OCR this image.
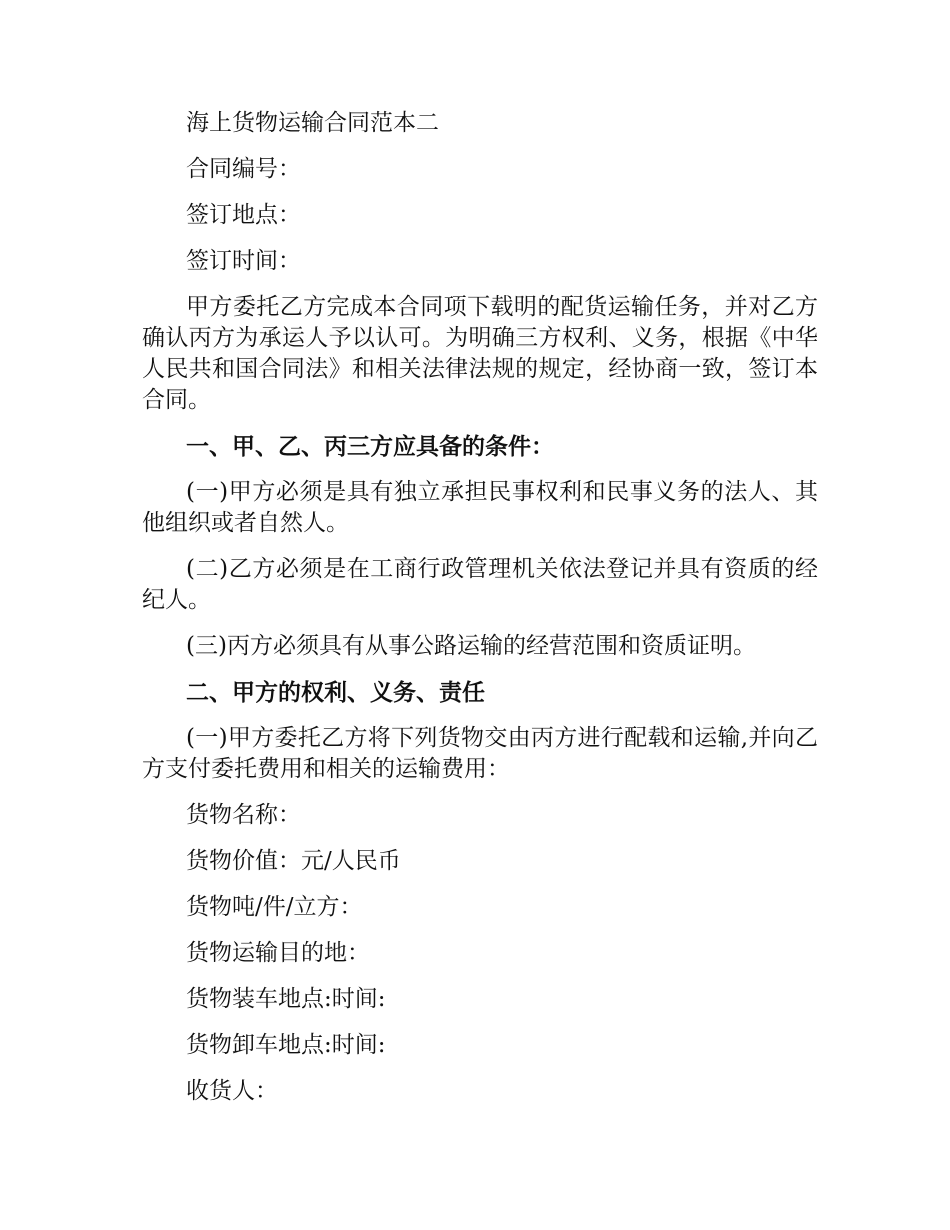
海上货物运输合同范本二

合同编号：

签订地点：

签订时间：

甲方委托乙方完成本合同项下载明的配货运输任务，并对乙方确认丙方为承运人予以认可。为明确三方权利、义务，根据《中华人民共和国合同法》和相关法律法规的规定，经协商一致，签订本合同。

一、甲、乙、丙三方应具备的条件：

(一)甲方必须是具有独立承担民事权利和民事义务的法人、其他组织或者自然人。

(二)乙方必须是在工商行政管理机关依法登记并具有资质的经纪人。

(三)丙方必须具有从事公路运输的经营范围和资质证明。

二、甲方的权利、义务、责任

(一)甲方委托乙方将下列货物交由丙方进行配载和运输,并向乙方支付委托费用和相关的运输费用：

货物名称：

货物价值：元/人民币

货物吨/件/立方：

货物运输目的地：

货物装车地点:时间:

货物卸车地点:时间:

收货人：
